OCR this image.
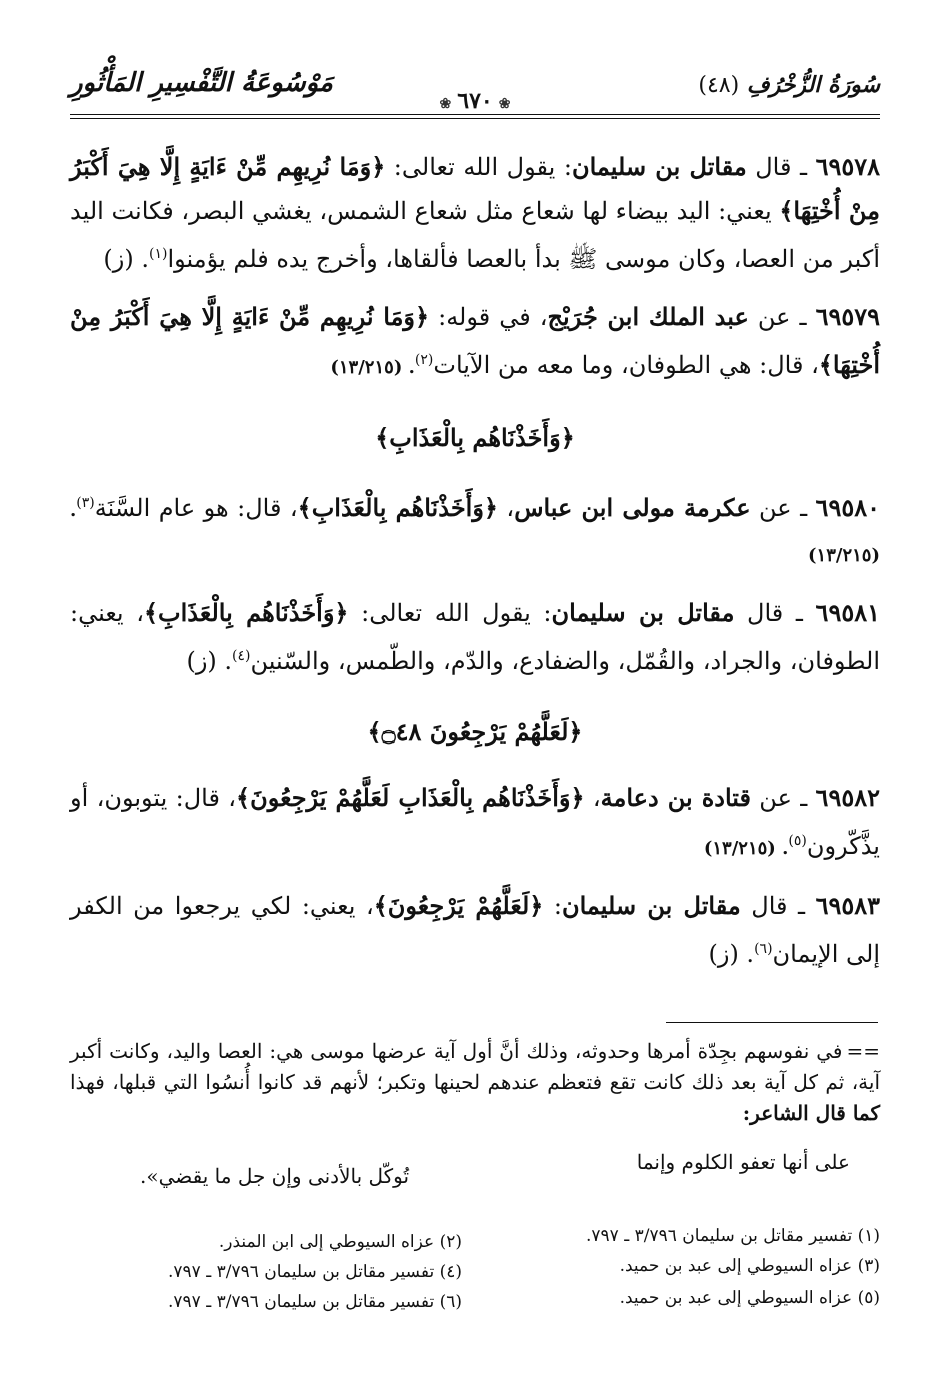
مَوْسُوعَةُ التَّفْسِيرِ المَأْثُورِ	سُورَةُ الزُّخْرُفِ (٤٨)
❀٦٧٠❀

٦٩٥٧٨ ـ قال مقاتل بن سليمان: يقول الله تعالى: ﴿وَمَا نُرِيهِم مِّنْ ءَايَةٍ إِلَّا هِيَ أَكْبَرُ مِنْ أُخْتِهَا﴾ يعني: اليد بيضاء لها شعاع مثل شعاع الشمس، يغشي البصر، فكانت اليد أكبر من العصا، وكان موسى ﷺ بدأ بالعصا فألقاها، وأخرج يده فلم يؤمنوا$^{(١)}$. (ز)

٦٩٥٧٩ ـ عن عبد الملك ابن جُرَيْج، في قوله: ﴿وَمَا نُرِيهِم مِّنْ ءَايَةٍ إِلَّا هِيَ أَكْبَرُ مِنْ أُخْتِهَا﴾، قال: هي الطوفان، وما معه من الآيات$^{(٢)}$. (١٣/٢١٥)

﴿وَأَخَذْنَاهُم بِالْعَذَابِ﴾

٦٩٥٨٠ ـ عن عكرمة مولى ابن عباس، ﴿وَأَخَذْنَاهُم بِالْعَذَابِ﴾، قال: هو عام السَّنَة$^{(٣)}$. (١٣/٢١٥)

٦٩٥٨١ ـ قال مقاتل بن سليمان: يقول الله تعالى: ﴿وَأَخَذْنَاهُم بِالْعَذَابِ﴾، يعني: الطوفان، والجراد، والقُمّل، والضفادع، والدّم، والطّمس، والسّنين$^{(٤)}$. (ز)

﴿لَعَلَّهُمْ يَرْجِعُونَ ۝٤٨﴾

٦٩٥٨٢ ـ عن قتادة بن دعامة، ﴿وَأَخَذْنَاهُم بِالْعَذَابِ لَعَلَّهُمْ يَرْجِعُونَ﴾، قال: يتوبون، أو يذَّكّرون$^{(٥)}$. (١٣/٢١٥)

٦٩٥٨٣ ـ قال مقاتل بن سليمان: ﴿لَعَلَّهُمْ يَرْجِعُونَ﴾، يعني: لكي يرجعوا من الكفر إلى الإيمان$^{(٦)}$. (ز)

==في نفوسهم بجِدّة أمرها وحدوثه، وذلك أنَّ أول آية عرضها موسى هي: العصا واليد، وكانت أكبر آية، ثم كل آية بعد ذلك كانت تقع فتعظم عندهم لحينها وتكبر؛ لأنهم قد كانوا أُنسُوا التي قبلها، فهذا كما قال الشاعر:
على أنها تعفو الكلوم وإنما
تُوكّل بالأدنى وإن جل ما يقضي».
(١) تفسير مقاتل بن سليمان ٣/٧٩٦ ـ ٧٩٧.
(٢) عزاه السيوطي إلى ابن المنذر.
(٣) عزاه السيوطي إلى عبد بن حميد.
(٤) تفسير مقاتل بن سليمان ٣/٧٩٦ ـ ٧٩٧.
(٥) عزاه السيوطي إلى عبد بن حميد.
(٦) تفسير مقاتل بن سليمان ٣/٧٩٦ ـ ٧٩٧.
